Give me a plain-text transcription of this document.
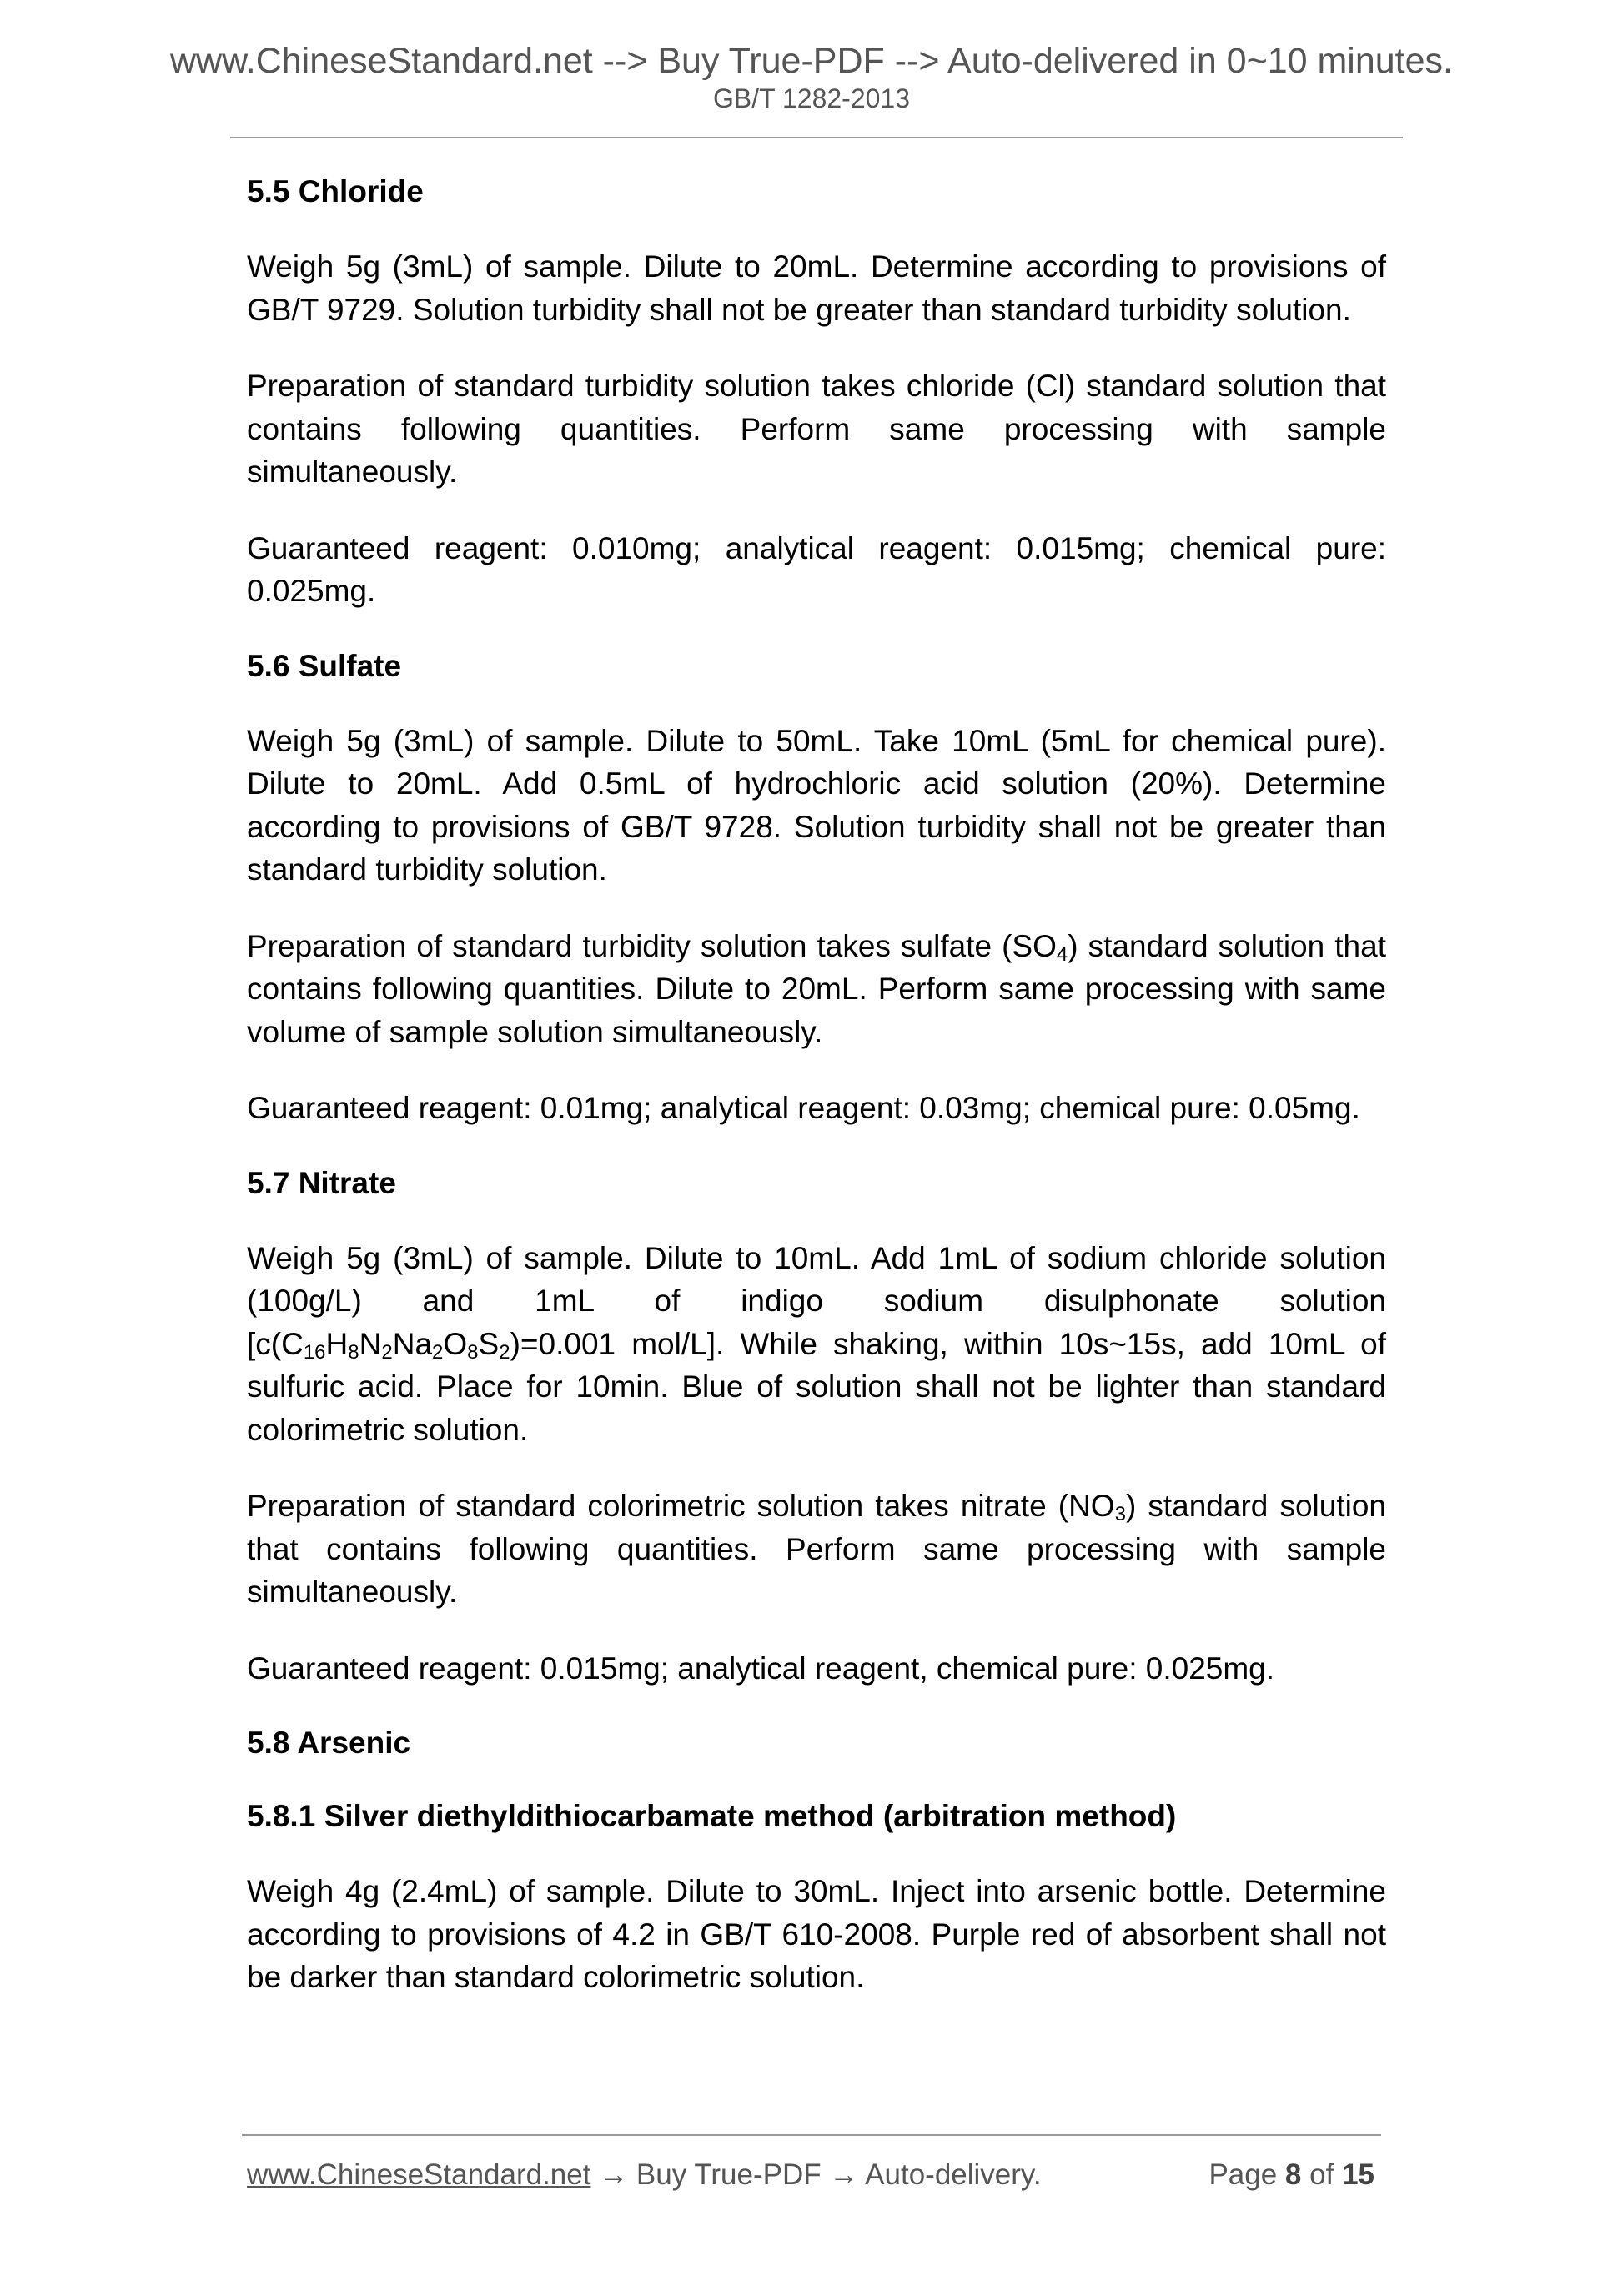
www.ChineseStandard.net --> Buy True-PDF --> Auto-delivered in 0~10 minutes.
GB/T 1282-2013
5.5 Chloride

Weigh 5g (3mL) of sample. Dilute to 20mL. Determine according to provisions of GB/T 9729. Solution turbidity shall not be greater than standard turbidity solution.

Preparation of standard turbidity solution takes chloride (Cl) standard solution that contains following quantities. Perform same processing with sample simultaneously.

Guaranteed reagent: 0.010mg; analytical reagent: 0.015mg; chemical pure: 0.025mg.

5.6 Sulfate

Weigh 5g (3mL) of sample. Dilute to 50mL. Take 10mL (5mL for chemical pure). Dilute to 20mL. Add 0.5mL of hydrochloric acid solution (20%). Determine according to provisions of GB/T 9728. Solution turbidity shall not be greater than standard turbidity solution.

Preparation of standard turbidity solution takes sulfate $(SO_4)$ standard solution that contains following quantities. Dilute to 20mL. Perform same processing with same volume of sample solution simultaneously.

Guaranteed reagent: 0.01mg; analytical reagent: 0.03mg; chemical pure: 0.05mg.

5.7 Nitrate

Weigh 5g (3mL) of sample. Dilute to 10mL. Add 1mL of sodium chloride solution (100g/L) and 1mL of indigo sodium disulphonate solution [$c(C_{16}H_8N_2Na_2O_8S_2)=0.001$ mol/L]. While shaking, within 10s~15s, add 10mL of sulfuric acid. Place for 10min. Blue of solution shall not be lighter than standard colorimetric solution.

Preparation of standard colorimetric solution takes nitrate $(NO_3)$ standard solution that contains following quantities. Perform same processing with sample simultaneously.

Guaranteed reagent: 0.015mg; analytical reagent, chemical pure: 0.025mg.

5.8 Arsenic
5.8.1 Silver diethyldithiocarbamate method (arbitration method)

Weigh 4g (2.4mL) of sample. Dilute to 30mL. Inject into arsenic bottle. Determine according to provisions of 4.2 in GB/T 610-2008. Purple red of absorbent shall not be darker than standard colorimetric solution.

www.ChineseStandard.net → Buy True-PDF → Auto-delivery.	Page 8 of 15
